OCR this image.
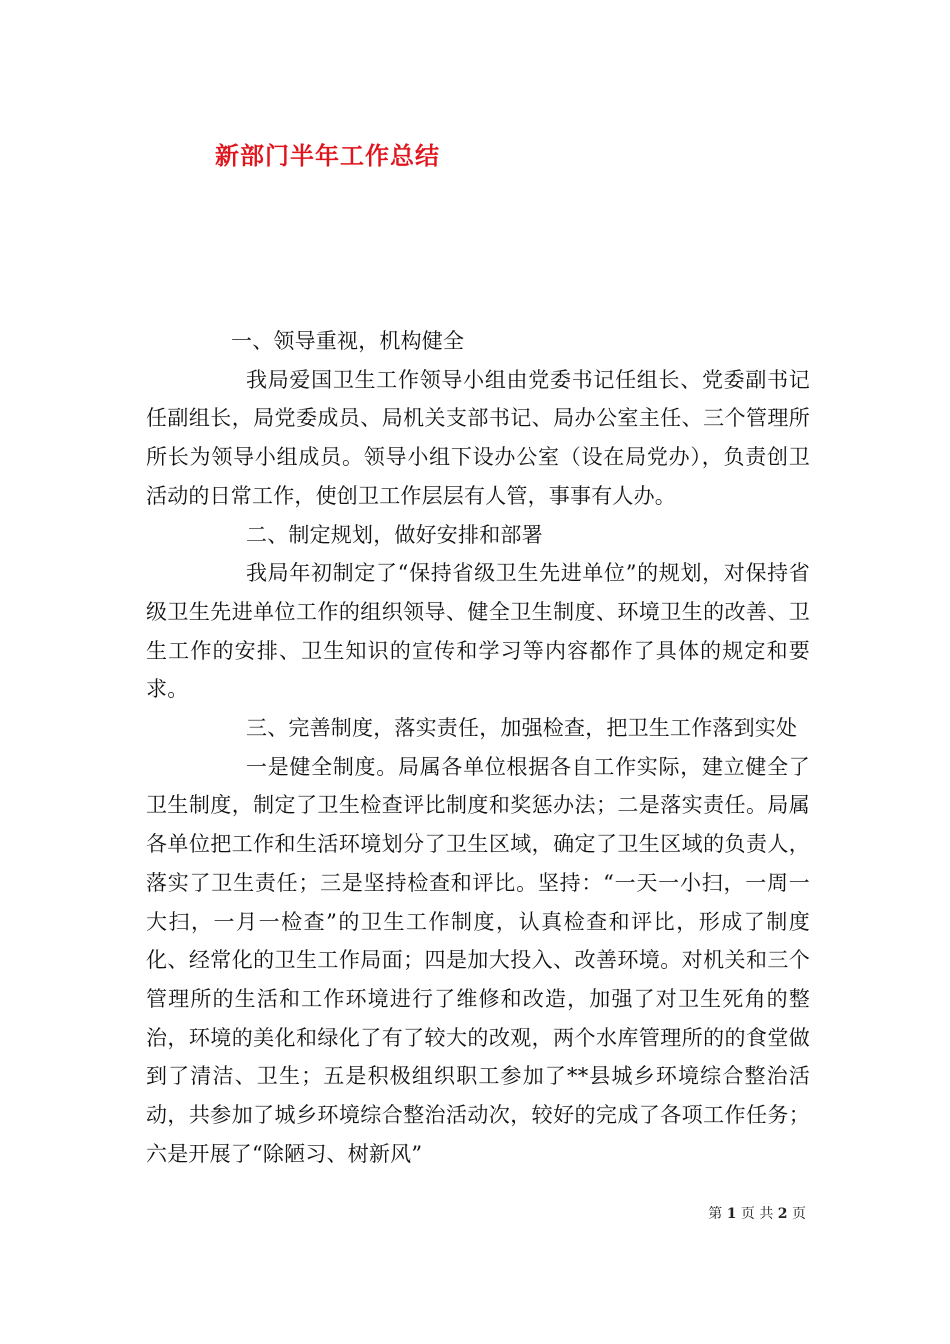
新部门半年工作总结

一、领导重视，机构健全

我局爱国卫生工作领导小组由党委书记任组长、党委副书记任副组长，局党委成员、局机关支部书记、局办公室主任、三个管理所所长为领导小组成员。领导小组下设办公室（设在局党办），负责创卫活动的日常工作，使创卫工作层层有人管，事事有人办。

二、制定规划，做好安排和部署

我局年初制定了“保持省级卫生先进单位”的规划，对保持省级卫生先进单位工作的组织领导、健全卫生制度、环境卫生的改善、卫生工作的安排、卫生知识的宣传和学习等内容都作了具体的规定和要求。

三、完善制度，落实责任，加强检查，把卫生工作落到实处

一是健全制度。局属各单位根据各自工作实际，建立健全了卫生制度，制定了卫生检查评比制度和奖惩办法；二是落实责任。局属各单位把工作和生活环境划分了卫生区域，确定了卫生区域的负责人，落实了卫生责任；三是坚持检查和评比。坚持：“一天一小扫，一周一大扫，一月一检查”的卫生工作制度，认真检查和评比，形成了制度化、经常化的卫生工作局面；四是加大投入、改善环境。对机关和三个管理所的生活和工作环境进行了维修和改造，加强了对卫生死角的整治，环境的美化和绿化了有了较大的改观，两个水库管理所的的食堂做到了清洁、卫生；五是积极组织职工参加了**县城乡环境综合整治活动，共参加了城乡环境综合整治活动次，较好的完成了各项工作任务；六是开展了“除陋习、树新风”

第 1 页 共 2 页
